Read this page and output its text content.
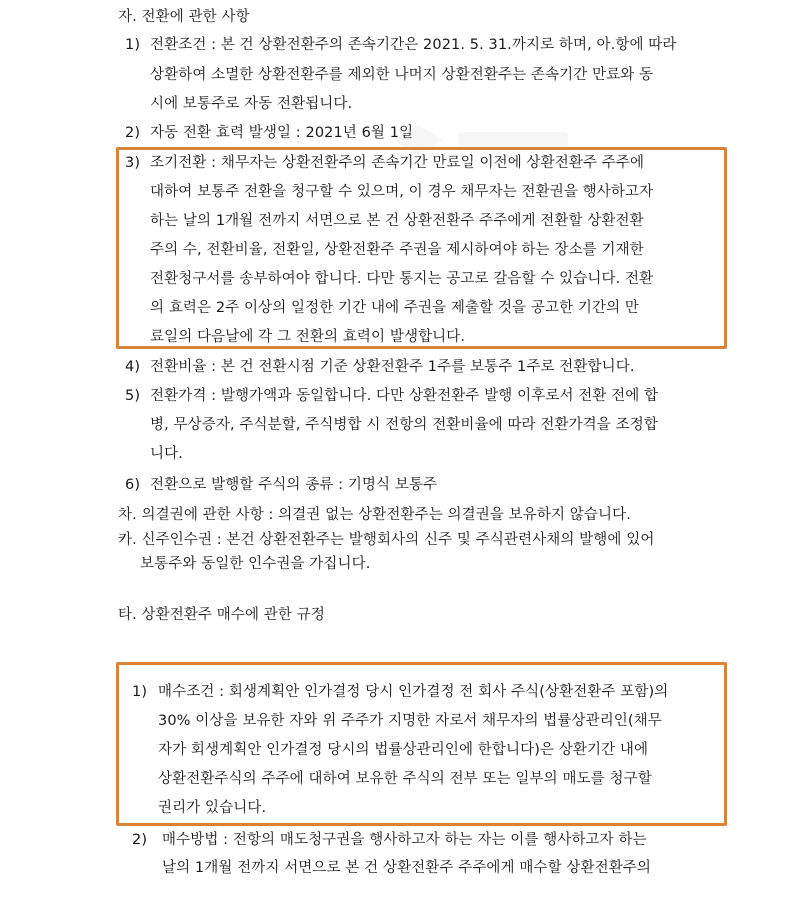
자. 전환에 관한 사항
1) 전환조건 : 본 건 상환전환주의 존속기간은 2021. 5. 31.까지로 하며, 아.항에 따라
상환하여 소멸한 상환전환주를 제외한 나머지 상환전환주는 존속기간 만료와 동
시에 보통주로 자동 전환됩니다.
2) 자동 전환 효력 발생일 : 2021년 6월 1일
3) 조기전환 : 채무자는 상환전환주의 존속기간 만료일 이전에 상환전환주 주주에
대하여 보통주 전환을 청구할 수 있으며, 이 경우 채무자는 전환권을 행사하고자
하는 날의 1개월 전까지 서면으로 본 건 상환전환주 주주에게 전환할 상환전환
주의 수, 전환비율, 전환일, 상환전환주 주권을 제시하여야 하는 장소를 기재한
전환청구서를 송부하여야 합니다. 다만 통지는 공고로 갈음할 수 있습니다. 전환
의 효력은 2주 이상의 일정한 기간 내에 주권을 제출할 것을 공고한 기간의 만
료일의 다음날에 각 그 전환의 효력이 발생합니다.
4) 전환비율 : 본 건 전환시점 기준 상환전환주 1주를 보통주 1주로 전환합니다.
5) 전환가격 : 발행가액과 동일합니다. 다만 상환전환주 발행 이후로서 전환 전에 합
병, 무상증자, 주식분할, 주식병합 시 전항의 전환비율에 따라 전환가격을 조정합
니다.
6) 전환으로 발행할 주식의 종류 : 기명식 보통주
차. 의결권에 관한 사항 : 의결권 없는 상환전환주는 의결권을 보유하지 않습니다.
카. 신주인수권 : 본건 상환전환주는 발행회사의 신주 및 주식관련사채의 발행에 있어
보통주와 동일한 인수권을 가집니다.
타. 상환전환주 매수에 관한 규정
1) 매수조건 : 회생계획안 인가결정 당시 인가결정 전 회사 주식(상환전환주 포함)의
30% 이상을 보유한 자와 위 주주가 지명한 자로서 채무자의 법률상관리인(채무
자가 회생계획안 인가결정 당시의 법률상관리인에 한합니다)은 상환기간 내에
상환전환주식의 주주에 대하여 보유한 주식의 전부 또는 일부의 매도를 청구할
권리가 있습니다.
2) 매수방법 : 전항의 매도청구권을 행사하고자 하는 자는 이를 행사하고자 하는
날의 1개월 전까지 서면으로 본 건 상환전환주 주주에게 매수할 상환전환주의
